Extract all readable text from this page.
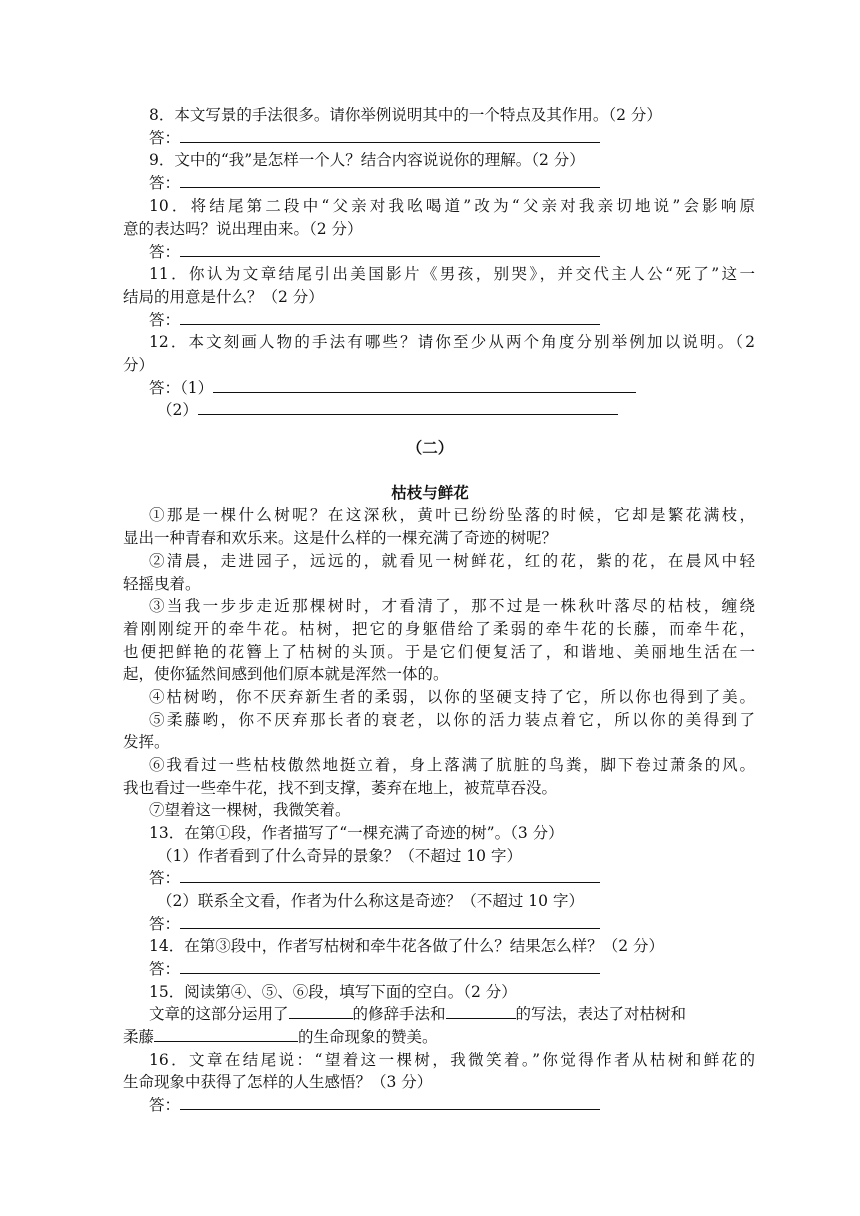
8．本文写景的手法很多。请你举例说明其中的一个特点及其作用。（2 分）

答：

9．文中的“我”是怎样一个人？结合内容说说你的理解。（2 分）

答：

10．将结尾第二段中“父亲对我吆喝道”改为“父亲对我亲切地说”会影响原

意的表达吗？说出理由来。（2 分）

答：

11．你认为文章结尾引出美国影片《男孩，别哭》，并交代主人公“死了”这一

结局的用意是什么？（2 分）

答：

12．本文刻画人物的手法有哪些？请你至少从两个角度分别举例加以说明。（2

分）

答：（1）

（2）

（二）

枯枝与鲜花

①那是一棵什么树呢？在这深秋，黄叶已纷纷坠落的时候，它却是繁花满枝，

显出一种青春和欢乐来。这是什么样的一棵充满了奇迹的树呢？

②清晨，走进园子，远远的，就看见一树鲜花，红的花，紫的花，在晨风中轻

轻摇曳着。

③当我一步步走近那棵树时，才看清了，那不过是一株秋叶落尽的枯枝，缠绕

着刚刚绽开的牵牛花。枯树，把它的身躯借给了柔弱的牵牛花的长藤，而牵牛花，

也便把鲜艳的花簪上了枯树的头顶。于是它们便复活了，和谐地、美丽地生活在一

起，使你猛然间感到他们原本就是浑然一体的。

④枯树哟，你不厌弃新生者的柔弱，以你的坚硬支持了它，所以你也得到了美。

⑤柔藤哟，你不厌弃那长者的衰老，以你的活力装点着它，所以你的美得到了

发挥。

⑥我看过一些枯枝傲然地挺立着，身上落满了肮脏的鸟粪，脚下卷过萧条的风。

我也看过一些牵牛花，找不到支撑，萎弃在地上，被荒草吞没。

⑦望着这一棵树，我微笑着。

13．在第①段，作者描写了“一棵充满了奇迹的树”。（3 分）

（1）作者看到了什么奇异的景象？（不超过 10 字）

答：

（2）联系全文看，作者为什么称这是奇迹？（不超过 10 字）

答：

14．在第③段中，作者写枯树和牵牛花各做了什么？结果怎么样？（2 分）

答：

15．阅读第④、⑤、⑥段，填写下面的空白。（2 分）

文章的这部分运用了	的修辞手法和	的写法，表达了对枯树和

柔藤	的生命现象的赞美。

16．文章在结尾说：“望着这一棵树，我微笑着。”你觉得作者从枯树和鲜花的

生命现象中获得了怎样的人生感悟？（3 分）

答：
